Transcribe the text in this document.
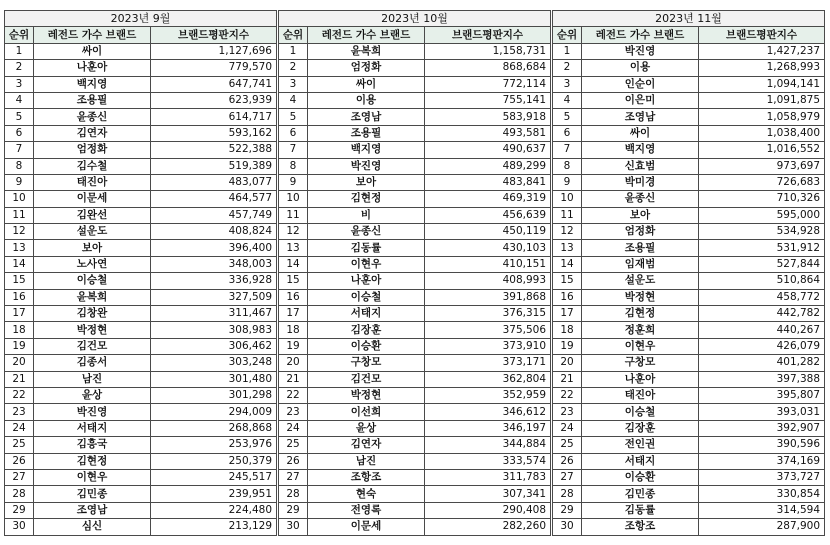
2023년 9월		
순위	레전드 가수 브랜드	브랜드평판지수
1	싸이	1,127,696
2	나훈아	779,570
3	백지영	647,741
4	조용필	623,939
5	윤종신	614,717
6	김연자	593,162
7	엄정화	522,388
8	김수철	519,389
9	태진아	483,077
10	이문세	464,577
11	김완선	457,749
12	설운도	408,824
13	보아	396,400
14	노사연	348,003
15	이승철	336,928
16	윤복희	327,509
17	김창완	311,467
18	박정현	308,983
19	김건모	306,462
20	김종서	303,248
21	남진	301,480
22	윤상	301,298
23	박진영	294,009
24	서태지	268,868
25	김흥국	253,976
26	김현정	250,379
27	이현우	245,517
28	김민종	239,951
29	조영남	224,480
30	심신	213,129
2023년 10월		
순위	레전드 가수 브랜드	브랜드평판지수
1	윤복희	1,158,731
2	엄정화	868,684
3	싸이	772,114
4	이용	755,141
5	조영남	583,918
6	조용필	493,581
7	백지영	490,637
8	박진영	489,299
9	보아	483,841
10	김현정	469,319
11	비	456,639
12	윤종신	450,119
13	김동률	430,103
14	이현우	410,151
15	나훈아	408,993
16	이승철	391,868
17	서태지	376,315
18	김장훈	375,506
19	이승환	373,910
20	구창모	373,171
21	김건모	362,804
22	박정현	352,959
23	이선희	346,612
24	윤상	346,197
25	김연자	344,884
26	남진	333,574
27	조항조	311,783
28	현숙	307,341
29	전영록	290,408
30	이문세	282,260
2023년 11월		
순위	레전드 가수 브랜드	브랜드평판지수
1	박진영	1,427,237
2	이용	1,268,993
3	인순이	1,094,141
4	이은미	1,091,875
5	조영남	1,058,979
6	싸이	1,038,400
7	백지영	1,016,552
8	신효범	973,697
9	박미경	726,683
10	윤종신	710,326
11	보아	595,000
12	엄정화	534,928
13	조용필	531,912
14	임재범	527,844
15	설운도	510,864
16	박정현	458,772
17	김현정	442,782
18	정훈희	440,267
19	이현우	426,079
20	구창모	401,282
21	나훈아	397,388
22	태진아	395,807
23	이승철	393,031
24	김장훈	392,907
25	전인권	390,596
26	서태지	374,169
27	이승환	373,727
28	김민종	330,854
29	김동률	314,594
30	조항조	287,900
